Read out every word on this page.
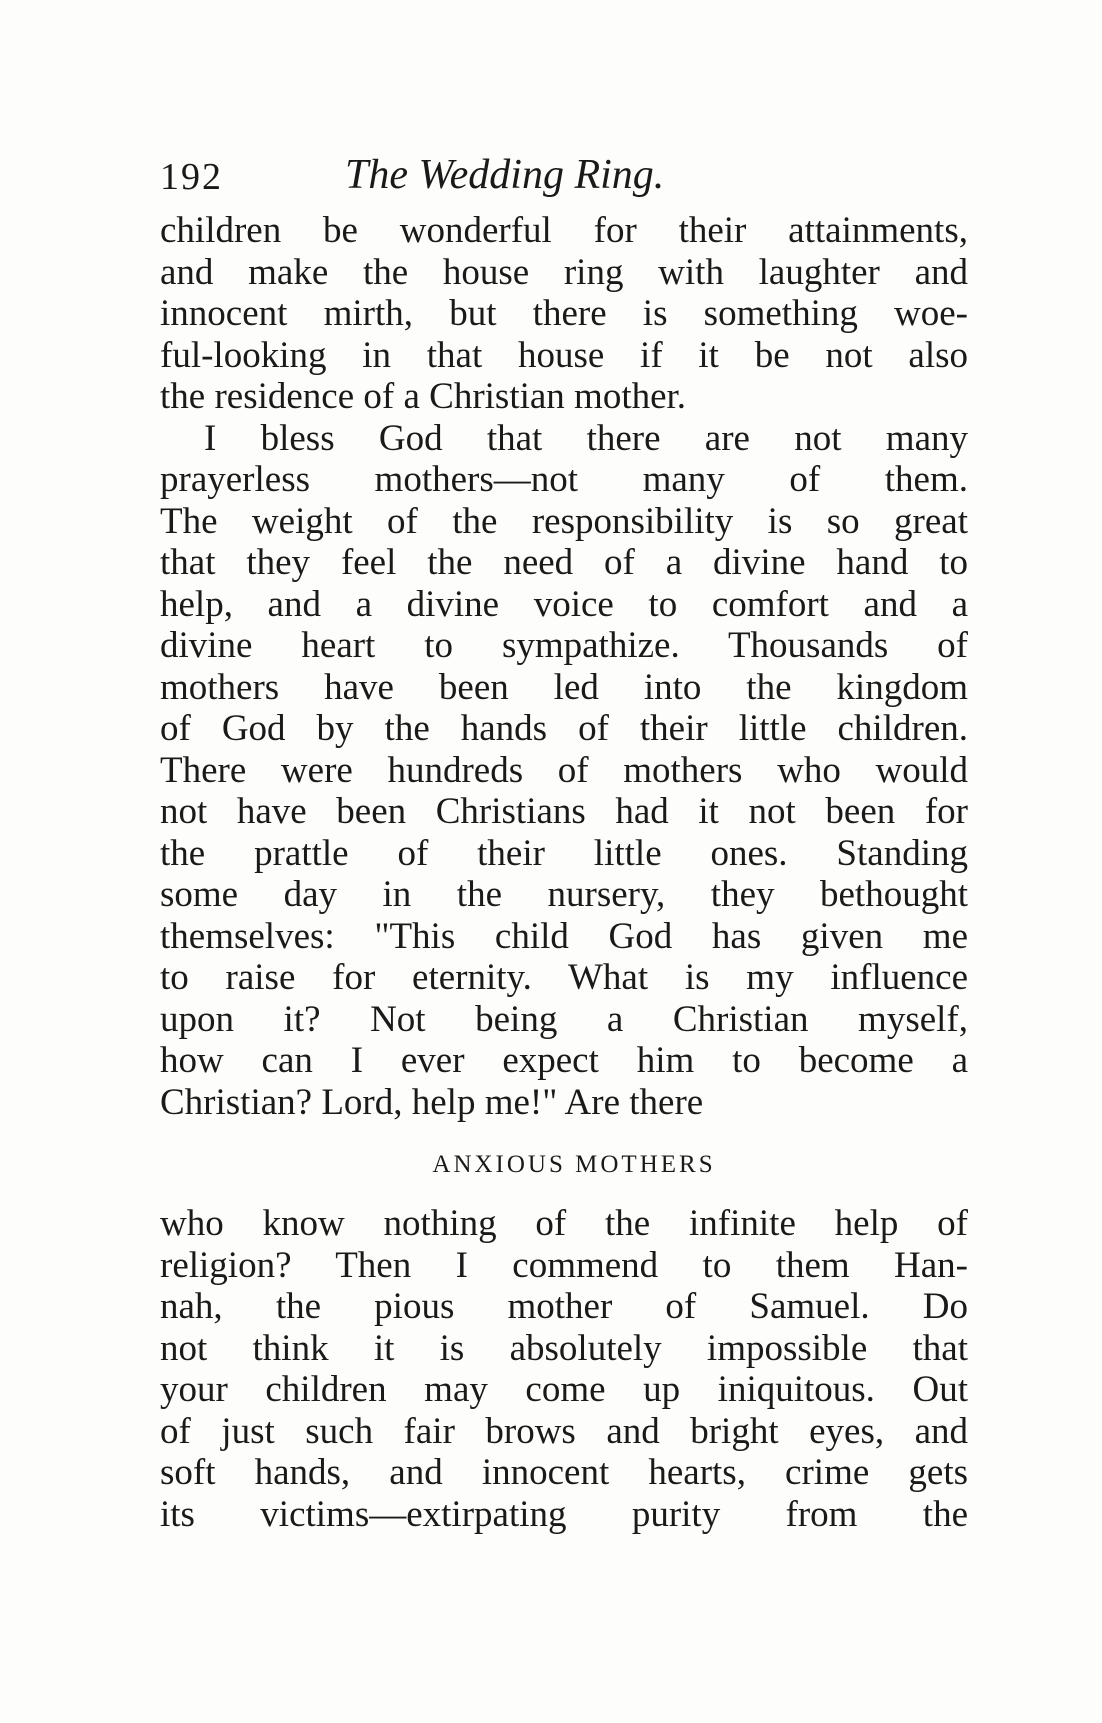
192	The Wedding Ring.
children be wonderful for their attainments,
and make the house ring with laughter and
innocent mirth, but there is something woe-
ful-looking in that house if it be not also
the residence of a Christian mother.
I bless God that there are not many
prayerless mothers—not many of them.
The weight of the responsibility is so great
that they feel the need of a divine hand to
help, and a divine voice to comfort and a
divine heart to sympathize. Thousands of
mothers have been led into the kingdom
of God by the hands of their little children.
There were hundreds of mothers who would
not have been Christians had it not been for
the prattle of their little ones. Standing
some day in the nursery, they bethought
themselves: "This child God has given me
to raise for eternity. What is my influence
upon it? Not being a Christian myself,
how can I ever expect him to become a
Christian? Lord, help me!" Are there
ANXIOUS MOTHERS
who know nothing of the infinite help of
religion? Then I commend to them Han-
nah, the pious mother of Samuel. Do
not think it is absolutely impossible that
your children may come up iniquitous. Out
of just such fair brows and bright eyes, and
soft hands, and innocent hearts, crime gets
its victims—extirpating purity from the
